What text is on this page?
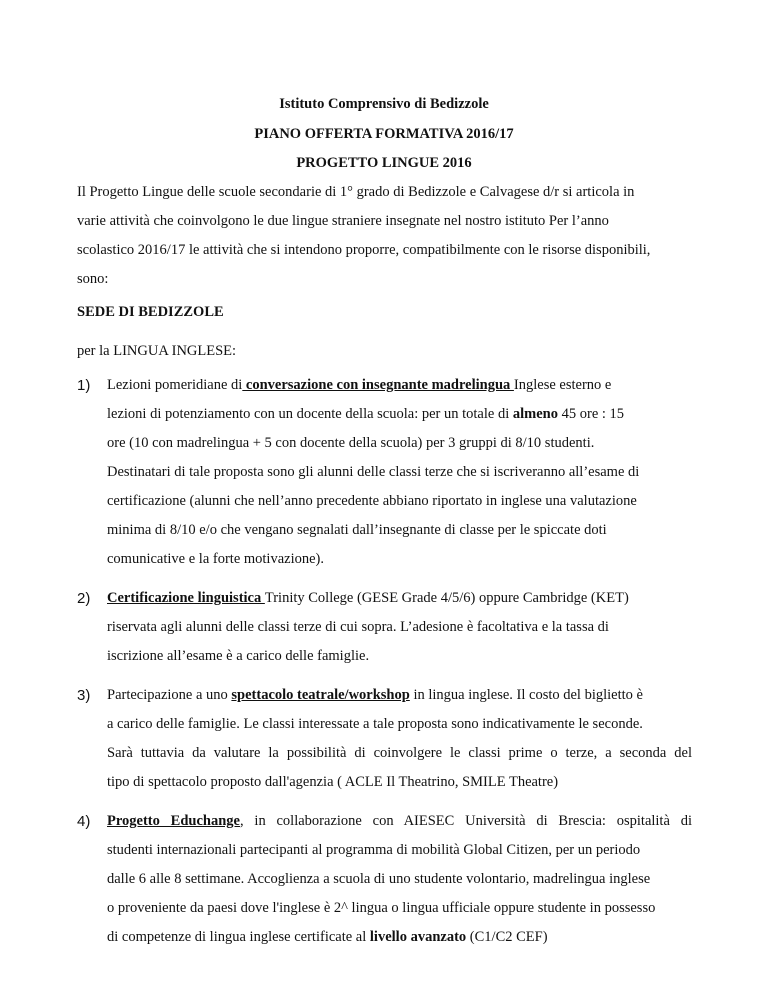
Istituto Comprensivo di Bedizzole
PIANO OFFERTA FORMATIVA 2016/17
PROGETTO LINGUE 2016
Il Progetto Lingue delle scuole secondarie di 1° grado di Bedizzole e Calvagese d/r si articola in
varie attività che coinvolgono le due lingue straniere insegnate nel nostro istituto Per l’anno
scolastico 2016/17 le attività che si intendono proporre, compatibilmente con le risorse disponibili,
sono:
SEDE DI BEDIZZOLE
per la LINGUA INGLESE:
1) Lezioni pomeridiane di conversazione con insegnante madrelingua Inglese esterno e
lezioni di potenziamento con un docente della scuola: per un totale di almeno 45 ore : 15
ore (10 con madrelingua + 5 con docente della scuola) per 3 gruppi di 8/10 studenti.
Destinatari di tale proposta sono gli alunni delle classi terze che si iscriveranno all’esame di
certificazione (alunni che nell’anno precedente abbiano riportato in inglese una valutazione
minima di 8/10 e/o che vengano segnalati dall’insegnante di classe per le spiccate doti
comunicative e la forte motivazione).
2) Certificazione linguistica Trinity College (GESE Grade 4/5/6) oppure Cambridge (KET)
riservata agli alunni delle classi terze di cui sopra. L’adesione è facoltativa e la tassa di
iscrizione all’esame è a carico delle famiglie.
3) Partecipazione a uno spettacolo teatrale/workshop in lingua inglese. Il costo del biglietto è
a carico delle famiglie. Le classi interessate a tale proposta sono indicativamente le seconde.
Sarà tuttavia da valutare la possibilità di coinvolgere le classi prime o terze, a seconda del
tipo di spettacolo proposto dall'agenzia ( ACLE Il Theatrino, SMILE Theatre)
4) Progetto Educhange, in collaborazione con AIESEC Università di Brescia: ospitalità di
studenti internazionali partecipanti al programma di mobilità Global Citizen, per un periodo
dalle 6 alle 8 settimane. Accoglienza a scuola di uno studente volontario, madrelingua inglese
o proveniente da paesi dove l'inglese è 2^ lingua o lingua ufficiale oppure studente in possesso
di competenze di lingua inglese certificate al livello avanzato (C1/C2 CEF)
